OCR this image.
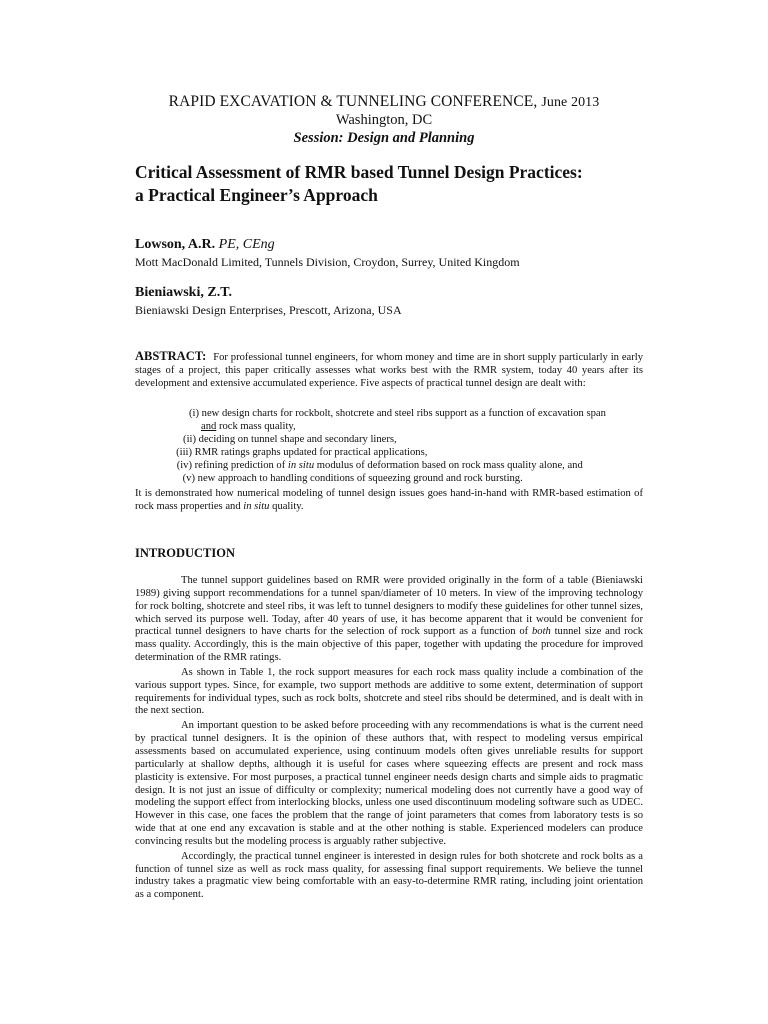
RAPID EXCAVATION & TUNNELING CONFERENCE, June 2013
Washington, DC
Session: Design and Planning
Critical Assessment of RMR based Tunnel Design Practices:
a Practical Engineer’s Approach
Lowson, A.R. PE, CEng
Mott MacDonald Limited, Tunnels Division, Croydon, Surrey, United Kingdom
Bieniawski, Z.T.
Bieniawski Design Enterprises, Prescott, Arizona, USA
ABSTRACT: For professional tunnel engineers, for whom money and time are in short supply particularly in early stages of a project, this paper critically assesses what works best with the RMR system, today 40 years after its development and extensive accumulated experience. Five aspects of practical tunnel design are dealt with:
(i) new design charts for rockbolt, shotcrete and steel ribs support as a function of excavation span
and rock mass quality,
(ii) deciding on tunnel shape and secondary liners,
(iii) RMR ratings graphs updated for practical applications,
(iv) refining prediction of in situ modulus of deformation based on rock mass quality alone, and
(v) new approach to handling conditions of squeezing ground and rock bursting.
It is demonstrated how numerical modeling of tunnel design issues goes hand-in-hand with RMR-based estimation of rock mass properties and in situ quality.
INTRODUCTION

The tunnel support guidelines based on RMR were provided originally in the form of a table (Bieniawski 1989) giving support recommendations for a tunnel span/diameter of 10 meters. In view of the improving technology for rock bolting, shotcrete and steel ribs, it was left to tunnel designers to modify these guidelines for other tunnel sizes, which served its purpose well. Today, after 40 years of use, it has become apparent that it would be convenient for practical tunnel designers to have charts for the selection of rock support as a function of both tunnel size and rock mass quality. Accordingly, this is the main objective of this paper, together with updating the procedure for improved determination of the RMR ratings.

As shown in Table 1, the rock support measures for each rock mass quality include a combination of the various support types. Since, for example, two support methods are additive to some extent, determination of support requirements for individual types, such as rock bolts, shotcrete and steel ribs should be determined, and is dealt with in the next section.

An important question to be asked before proceeding with any recommendations is what is the current need by practical tunnel designers. It is the opinion of these authors that, with respect to modeling versus empirical assessments based on accumulated experience, using continuum models often gives unreliable results for support particularly at shallow depths, although it is useful for cases where squeezing effects are present and rock mass plasticity is extensive. For most purposes, a practical tunnel engineer needs design charts and simple aids to pragmatic design. It is not just an issue of difficulty or complexity; numerical modeling does not currently have a good way of modeling the support effect from interlocking blocks, unless one used discontinuum modeling software such as UDEC. However in this case, one faces the problem that the range of joint parameters that comes from laboratory tests is so wide that at one end any excavation is stable and at the other nothing is stable. Experienced modelers can produce convincing results but the modeling process is arguably rather subjective.

Accordingly, the practical tunnel engineer is interested in design rules for both shotcrete and rock bolts as a function of tunnel size as well as rock mass quality, for assessing final support requirements. We believe the tunnel industry takes a pragmatic view being comfortable with an easy-to-determine RMR rating, including joint orientation as a component.
